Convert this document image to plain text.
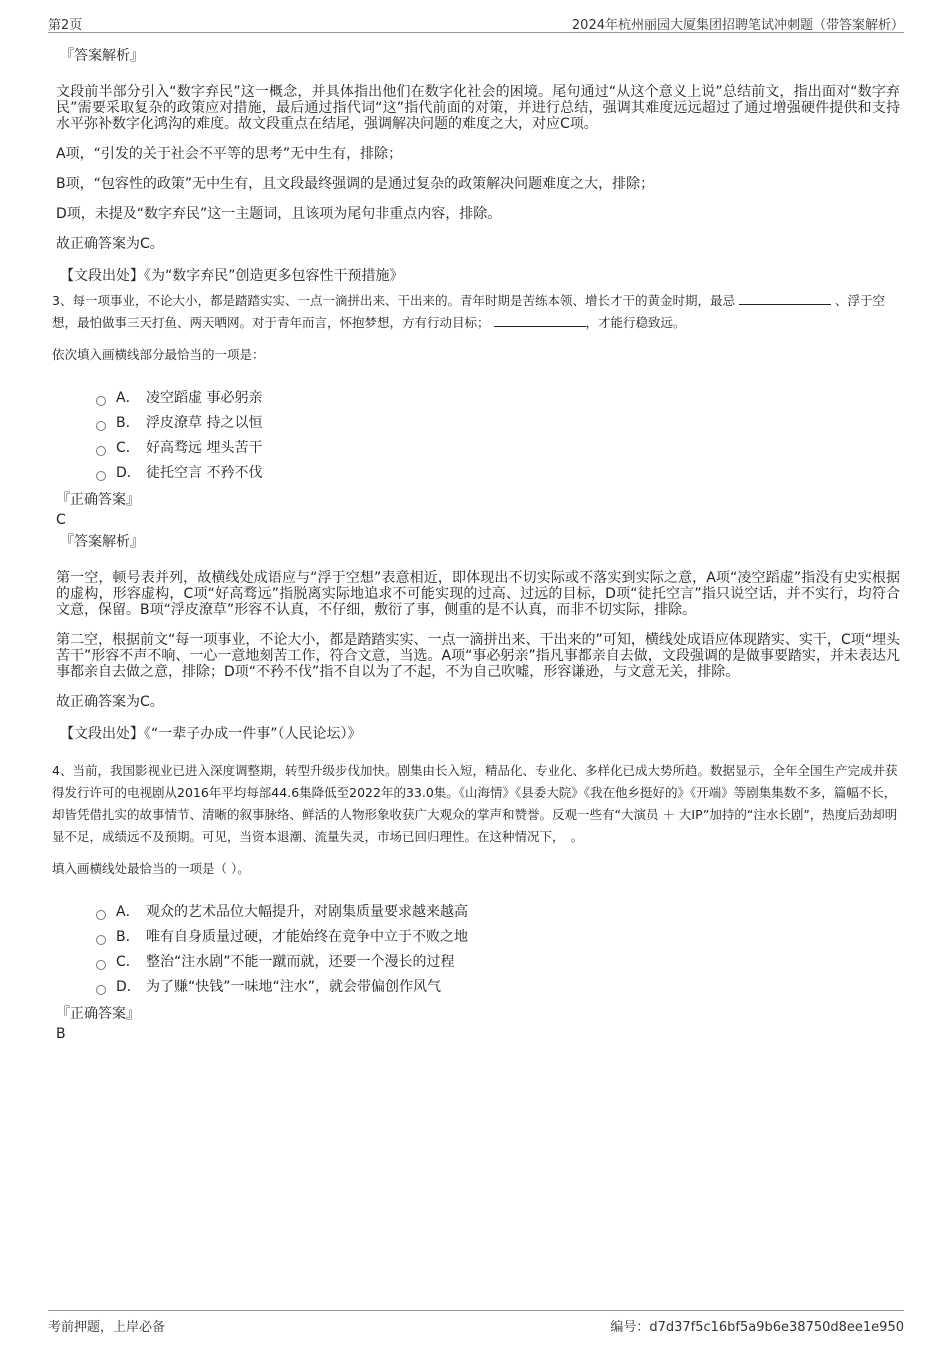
第2页	2024年杭州丽园大厦集团招聘笔试冲刺题（带答案解析）
『答案解析』

文段前半部分引入“数字弃民”这一概念，并具体指出他们在数字化社会的困境。尾句通过“从这个意义上说”总结前文，指出面对“数字弃民”需要采取复杂的政策应对措施，最后通过指代词“这”指代前面的对策，并进行总结，强调其难度远远超过了通过增强硬件提供和支持水平弥补数字化鸿沟的难度。故文段重点在结尾，强调解决问题的难度之大，对应C项。

A项，“引发的关于社会不平等的思考”无中生有，排除；

B项，“包容性的政策”无中生有，且文段最终强调的是通过复杂的政策解决问题难度之大，排除；

D项，未提及“数字弃民”这一主题词，且该项为尾句非重点内容，排除。

故正确答案为C。

【文段出处】《为“数字弃民”创造更多包容性干预措施》
3、每一项事业，不论大小，都是踏踏实实、一点一滴拼出来、干出来的。青年时期是苦练本领、增长才干的黄金时期，最忌	、浮于空想，最怕做事三天打鱼、两天晒网。对于青年而言，怀抱梦想，方有行动目标；	，才能行稳致远。
依次填入画横线部分最恰当的一项是：
A． 凌空蹈虚 事必躬亲
B． 浮皮潦草 持之以恒
C． 好高骛远 埋头苦干
D． 徒托空言 不矜不伐
『正确答案』
C
『答案解析』

第一空，顿号表并列，故横线处成语应与“浮于空想”表意相近，即体现出不切实际或不落实到实际之意，A项“凌空蹈虚”指没有史实根据的虚构，形容虚构，C项“好高骛远”指脱离实际地追求不可能实现的过高、过远的目标，D项“徒托空言”指只说空话，并不实行，均符合文意，保留。B项“浮皮潦草”形容不认真，不仔细，敷衍了事，侧重的是不认真，而非不切实际，排除。

第二空，根据前文“每一项事业，不论大小，都是踏踏实实、一点一滴拼出来、干出来的”可知，横线处成语应体现踏实、实干，C项“埋头苦干”形容不声不响、一心一意地刻苦工作，符合文意，当选。A项“事必躬亲”指凡事都亲自去做，文段强调的是做事要踏实，并未表达凡事都亲自去做之意，排除；D项“不矜不伐”指不自以为了不起，不为自己吹嘘，形容谦逊，与文意无关，排除。

故正确答案为C。

【文段出处】《“一辈子办成一件事”（人民论坛）》
4、当前，我国影视业已进入深度调整期，转型升级步伐加快。剧集由长入短，精品化、专业化、多样化已成大势所趋。数据显示，全年全国生产完成并获得发行许可的电视剧从2016年平均每部44.6集降低至2022年的33.0集。《山海情》《县委大院》《我在他乡挺好的》《开端》等剧集集数不多，篇幅不长，却皆凭借扎实的故事情节、清晰的叙事脉络、鲜活的人物形象收获广大观众的掌声和赞誉。反观一些有“大演员 ＋ 大IP”加持的“注水长剧”，热度后劲却明显不足，成绩远不及预期。可见，当资本退潮、流量失灵，市场已回归理性。在这种情况下，　。
填入画横线处最恰当的一项是（ ）。
A． 观众的艺术品位大幅提升，对剧集质量要求越来越高
B． 唯有自身质量过硬，才能始终在竞争中立于不败之地
C． 整治“注水剧”不能一蹴而就，还要一个漫长的过程
D． 为了赚“快钱”一味地“注水”，就会带偏创作风气
『正确答案』
B
考前押题，上岸必备	编号：d7d37f5c16bf5a9b6e38750d8ee1e950
